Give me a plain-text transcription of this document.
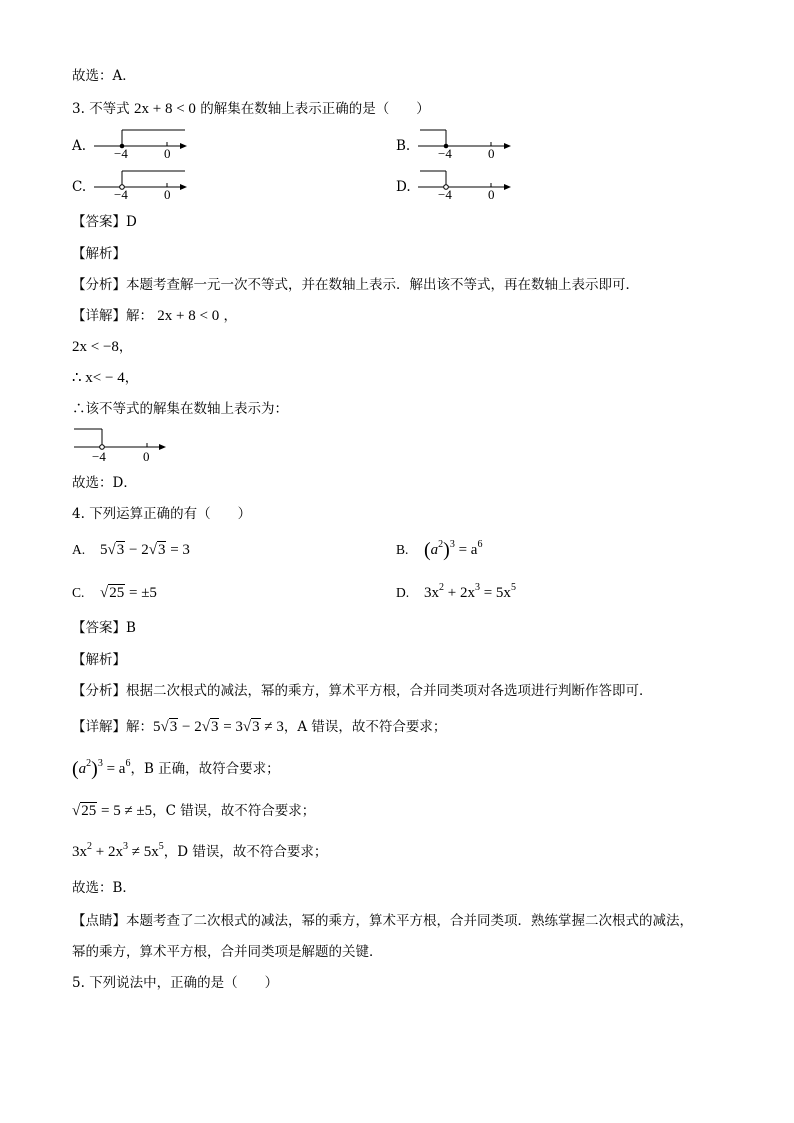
故选：A．
3. 不等式 2x + 8 < 0 的解集在数轴上表示正确的是（　　）
A. −4	0	B. −4	0
C. −4	0	D. −4	0
【答案】D
【解析】
【分析】本题考查解一元一次不等式，并在数轴上表示．解出该不等式，再在数轴上表示即可．
【详解】解： 2x + 8 < 0 ，
2x < −8，
∴ x< − 4，
∴该不等式的解集在数轴上表示为：
−4	0
故选：D．
4. 下列运算正确的有（　　）
A. 5√3 − 2√3 = 3	B. $(a^2)^3 = a^6$
C. √25 = ±5	D. $3x^2 + 2x^3 = 5x^5$
【答案】B
【解析】
【分析】根据二次根式的减法，幂的乘方，算术平方根，合并同类项对各选项进行判断作答即可．
【详解】解：5√3 − 2√3 = 3√3 ≠ 3，A 错误，故不符合要求；
$(a^2)^3 = a^6$，B 正确，故符合要求；
√25 = 5 ≠ ±5，C 错误，故不符合要求；
$3x^2 + 2x^3 \ne 5x^5$，D 错误，故不符合要求；
故选：B．
【点睛】本题考查了二次根式的减法，幂的乘方，算术平方根，合并同类项．熟练掌握二次根式的减法，
幂的乘方，算术平方根，合并同类项是解题的关键．
5. 下列说法中，正确的是（　　）
